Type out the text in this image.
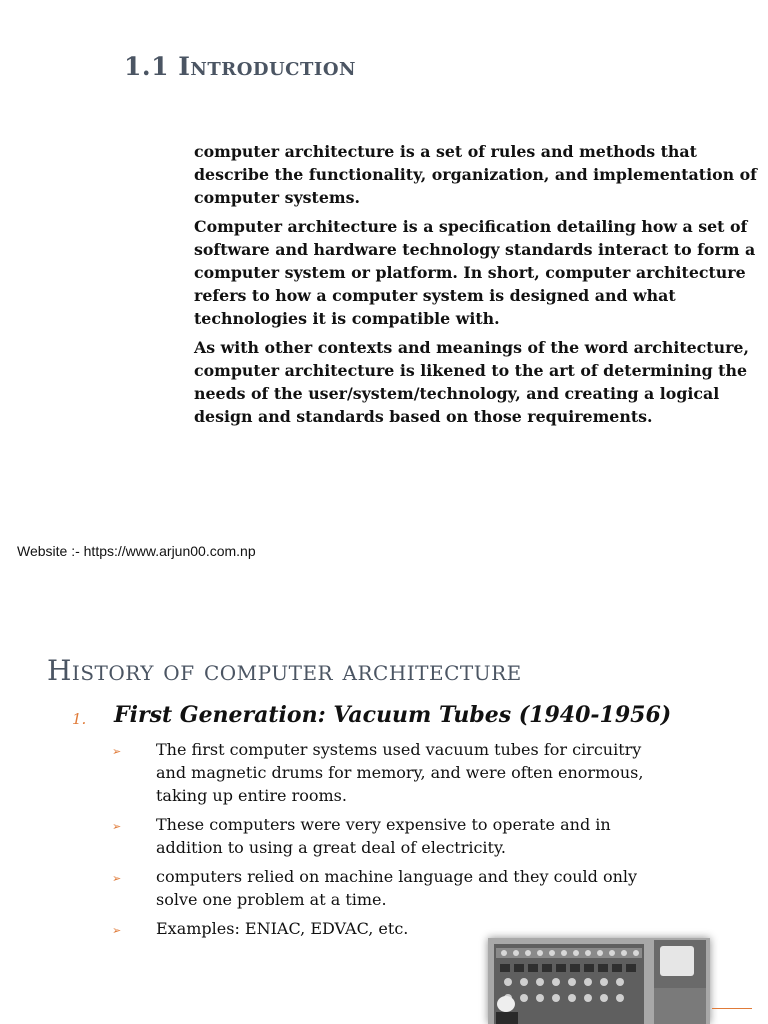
1.1 Introduction

computer architecture is a set of rules and methods that describe the functionality, organization, and implementation of computer systems.

Computer architecture is a specification detailing how a set of software and hardware technology standards interact to form a computer system or platform. In short, computer architecture refers to how a computer system is designed and what technologies it is compatible with.

As with other contexts and meanings of the word architecture, computer architecture is likened to the art of determining the needs of the user/system/technology, and creating a logical design and standards based on those requirements.

Website :- https://www.arjun00.com.np
History of computer architecture
1. First Generation: Vacuum Tubes (1940-1956)
➢ The first computer systems used vacuum tubes for circuitry and magnetic drums for memory, and were often enormous, taking up entire rooms.
➢ These computers were very expensive to operate and in addition to using a great deal of electricity.
➢ computers relied on machine language and they could only solve one problem at a time.
➢ Examples: ENIAC, EDVAC, etc.
